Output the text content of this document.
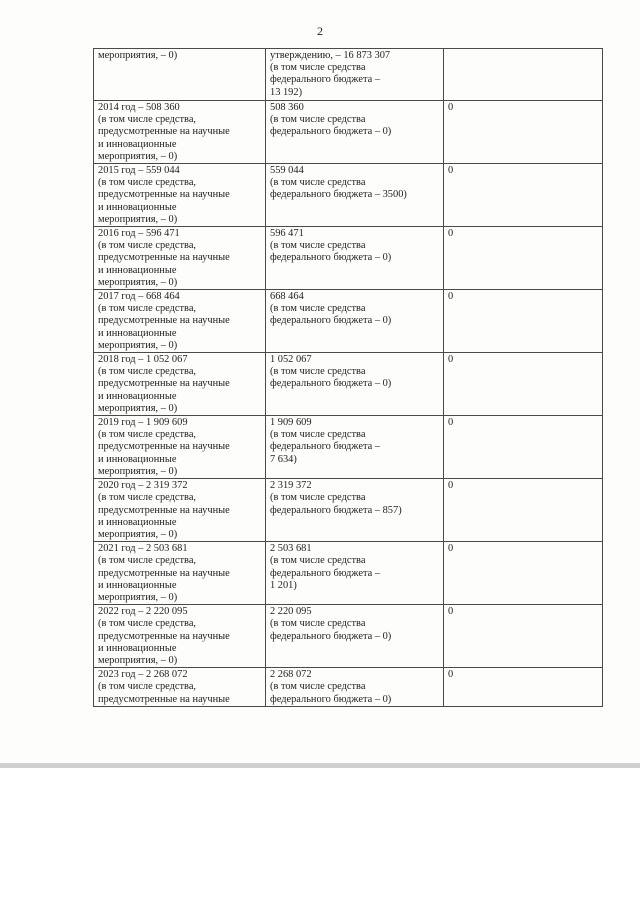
2
мероприятия, – 0)	утверждению, – 16 873 307
(в том числе средства
федерального бюджета –
13 192)	
2014 год – 508 360
(в том числе средства,
предусмотренные на научные
и инновационные
мероприятия, – 0)	508 360
(в том числе средства
федерального бюджета – 0)	0
2015 год – 559 044
(в том числе средства,
предусмотренные на научные
и инновационные
мероприятия, – 0)	559 044
(в том числе средства
федерального бюджета – 3500)	0
2016 год – 596 471
(в том числе средства,
предусмотренные на научные
и инновационные
мероприятия, – 0)	596 471
(в том числе средства
федерального бюджета – 0)	0
2017 год – 668 464
(в том числе средства,
предусмотренные на научные
и инновационные
мероприятия, – 0)	668 464
(в том числе средства
федерального бюджета – 0)	0
2018 год – 1 052 067
(в том числе средства,
предусмотренные на научные
и инновационные
мероприятия, – 0)	1 052 067
(в том числе средства
федерального бюджета – 0)	0
2019 год – 1 909 609
(в том числе средства,
предусмотренные на научные
и инновационные
мероприятия, – 0)	1 909 609
(в том числе средства
федерального бюджета –
7 634)	0
2020 год – 2 319 372
(в том числе средства,
предусмотренные на научные
и инновационные
мероприятия, – 0)	2 319 372
(в том числе средства
федерального бюджета – 857)	0
2021 год – 2 503 681
(в том числе средства,
предусмотренные на научные
и инновационные
мероприятия, – 0)	2 503 681
(в том числе средства
федерального бюджета –
1 201)	0
2022 год – 2 220 095
(в том числе средства,
предусмотренные на научные
и инновационные
мероприятия, – 0)	2 220 095
(в том числе средства
федерального бюджета – 0)	0
2023 год – 2 268 072
(в том числе средства,
предусмотренные на научные	2 268 072
(в том числе средства
федерального бюджета – 0)	0
